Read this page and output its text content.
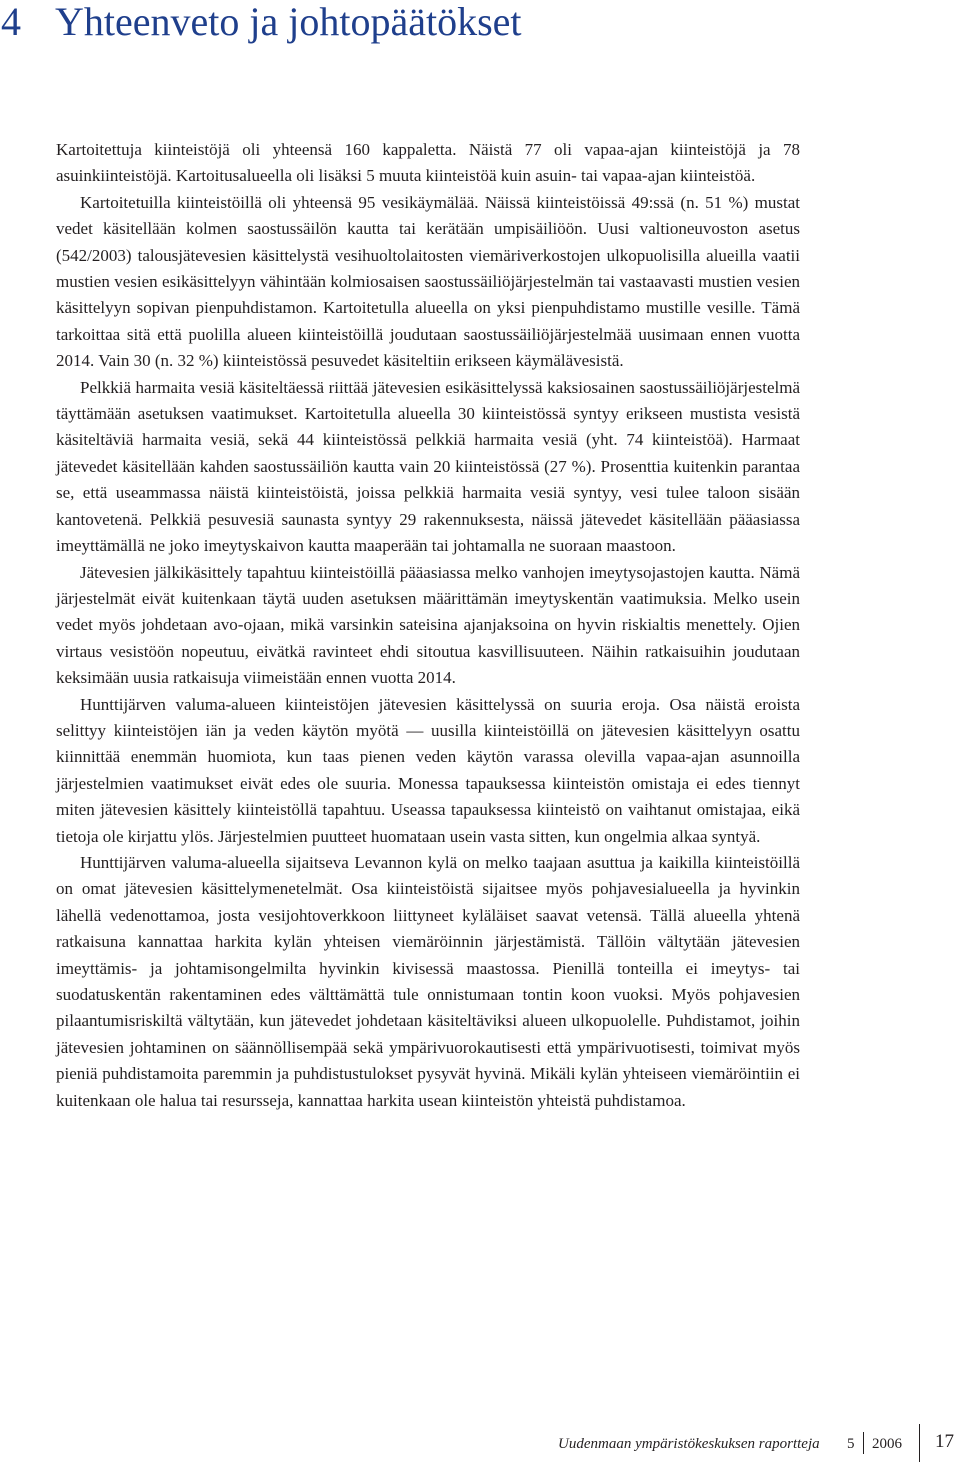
4 Yhteenveto ja johtopäätökset

Kartoitettuja kiinteistöjä oli yhteensä 160 kappaletta. Näistä 77 oli vapaa-ajan kiinteistöjä ja 78 asuinkiinteistöjä. Kartoitusalueella oli lisäksi 5 muuta kiinteistöä kuin asuin- tai vapaa-ajan kiinteistöä.

Kartoitetuilla kiinteistöillä oli yhteensä 95 vesikäymälää. Näissä kiinteistöissä 49:ssä (n. 51 %) mustat vedet käsitellään kolmen saostussäilön kautta tai kerätään umpisäiliöön. Uusi valtioneuvoston asetus (542/2003) talousjätevesien käsittelystä vesihuoltolaitosten viemäriverkostojen ulkopuolisilla alueilla vaatii mustien vesien esikäsittelyyn vähintään kolmiosaisen saostussäiliöjärjestelmän tai vastaavasti mustien vesien käsittelyyn sopivan pienpuhdistamon. Kartoitetulla alueella on yksi pienpuhdistamo mustille vesille. Tämä tarkoittaa sitä että puolilla alueen kiinteistöillä joudutaan saostussäiliöjärjestelmää uusimaan ennen vuotta 2014. Vain 30 (n. 32 %) kiinteistössä pesuvedet käsiteltiin erikseen käymälävesistä.

Pelkkiä harmaita vesiä käsiteltäessä riittää jätevesien esikäsittelyssä kaksiosainen saostussäiliöjärjestelmä täyttämään asetuksen vaatimukset. Kartoitetulla alueella 30 kiinteistössä syntyy erikseen mustista vesistä käsiteltäviä harmaita vesiä, sekä 44 kiinteistössä pelkkiä harmaita vesiä (yht. 74 kiinteistöä). Harmaat jätevedet käsitellään kahden saostussäiliön kautta vain 20 kiinteistössä (27 %). Prosenttia kuitenkin parantaa se, että useammassa näistä kiinteistöistä, joissa pelkkiä harmaita vesiä syntyy, vesi tulee taloon sisään kantovetenä. Pelkkiä pesuvesiä saunasta syntyy 29 rakennuksesta, näissä jätevedet käsitellään pääasiassa imeyttämällä ne joko imeytyskaivon kautta maaperään tai johtamalla ne suoraan maastoon.

Jätevesien jälkikäsittely tapahtuu kiinteistöillä pääasiassa melko vanhojen imeytysojastojen kautta. Nämä järjestelmät eivät kuitenkaan täytä uuden asetuksen määrittämän imeytyskentän vaatimuksia. Melko usein vedet myös johdetaan avo-ojaan, mikä varsinkin sateisina ajanjaksoina on hyvin riskialtis menettely. Ojien virtaus vesistöön nopeutuu, eivätkä ravinteet ehdi sitoutua kasvillisuuteen. Näihin ratkaisuihin joudutaan keksimään uusia ratkaisuja viimeistään ennen vuotta 2014.

Hunttijärven valuma-alueen kiinteistöjen jätevesien käsittelyssä on suuria eroja. Osa näistä eroista selittyy kiinteistöjen iän ja veden käytön myötä — uusilla kiinteistöillä on jätevesien käsittelyyn osattu kiinnittää enemmän huomiota, kun taas pienen veden käytön varassa olevilla vapaa-ajan asunnoilla järjestelmien vaatimukset eivät edes ole suuria. Monessa tapauksessa kiinteistön omistaja ei edes tiennyt miten jätevesien käsittely kiinteistöllä tapahtuu. Useassa tapauksessa kiinteistö on vaihtanut omistajaa, eikä tietoja ole kirjattu ylös. Järjestelmien puutteet huomataan usein vasta sitten, kun ongelmia alkaa syntyä.

Hunttijärven valuma-alueella sijaitseva Levannon kylä on melko taajaan asuttua ja kaikilla kiinteistöillä on omat jätevesien käsittelymenetelmät. Osa kiinteistöistä sijaitsee myös pohjavesialueella ja hyvinkin lähellä vedenottamoa, josta vesijohtoverkkoon liittyneet kyläläiset saavat vetensä. Tällä alueella yhtenä ratkaisuna kannattaa harkita kylän yhteisen viemäröinnin järjestämistä. Tällöin vältytään jätevesien imeyttämis- ja johtamisongelmilta hyvinkin kivisessä maastossa. Pienillä tonteilla ei imeytys- tai suodatuskentän rakentaminen edes välttämättä tule onnistumaan tontin koon vuoksi. Myös pohjavesien pilaantumisriskiltä vältytään, kun jätevedet johdetaan käsiteltäviksi alueen ulkopuolelle. Puhdistamot, joihin jätevesien johtaminen on säännöllisempää sekä ympärivuorokautisesti että ympärivuotisesti, toimivat myös pieniä puhdistamoita paremmin ja puhdistustulokset pysyvät hyvinä. Mikäli kylän yhteiseen viemäröintiin ei kuitenkaan ole halua tai resursseja, kannattaa harkita usean kiinteistön yhteistä puhdistamoa.

Uudenmaan ympäristökeskuksen raportteja 5 2006 17
